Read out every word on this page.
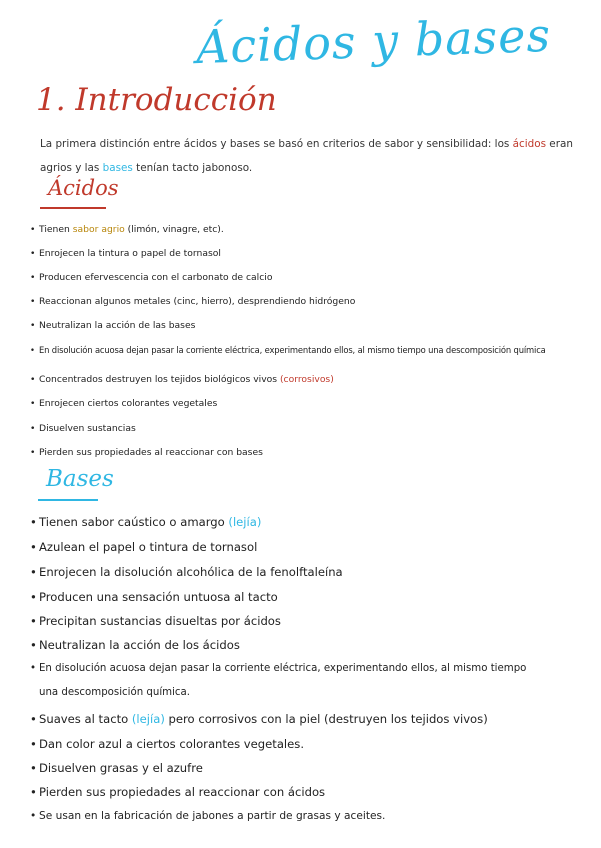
Ácidos y bases
1. Introducción
La primera distinción entre ácidos y bases se basó en criterios de sabor y sensibilidad: los ácidos eran
agrios y las bases tenían tacto jabonoso.
Ácidos
• Tienen sabor agrio (limón, vinagre, etc).
• Enrojecen la tintura o papel de tornasol
• Producen efervescencia con el carbonato de calcio
• Reaccionan algunos metales (cinc, hierro), desprendiendo hidrógeno
• Neutralizan la acción de las bases
• En disolución acuosa dejan pasar la corriente eléctrica, experimentando ellos, al mismo tiempo una descomposición química
• Concentrados destruyen los tejidos biológicos vivos (corrosivos)
• Enrojecen ciertos colorantes vegetales
• Disuelven sustancias
• Pierden sus propiedades al reaccionar con bases
Bases
• Tienen sabor caústico o amargo (lejía)
• Azulean el papel o tintura de tornasol
• Enrojecen la disolución alcohólica de la fenolftaleína
• Producen una sensación untuosa al tacto
• Precipitan sustancias disueltas por ácidos
• Neutralizan la acción de los ácidos
• En disolución acuosa dejan pasar la corriente eléctrica, experimentando ellos, al mismo tiempo
una descomposición química.
• Suaves al tacto (lejía) pero corrosivos con la piel (destruyen los tejidos vivos)
• Dan color azul a ciertos colorantes vegetales.
• Disuelven grasas y el azufre
• Pierden sus propiedades al reaccionar con ácidos
• Se usan en la fabricación de jabones a partir de grasas y aceites.
